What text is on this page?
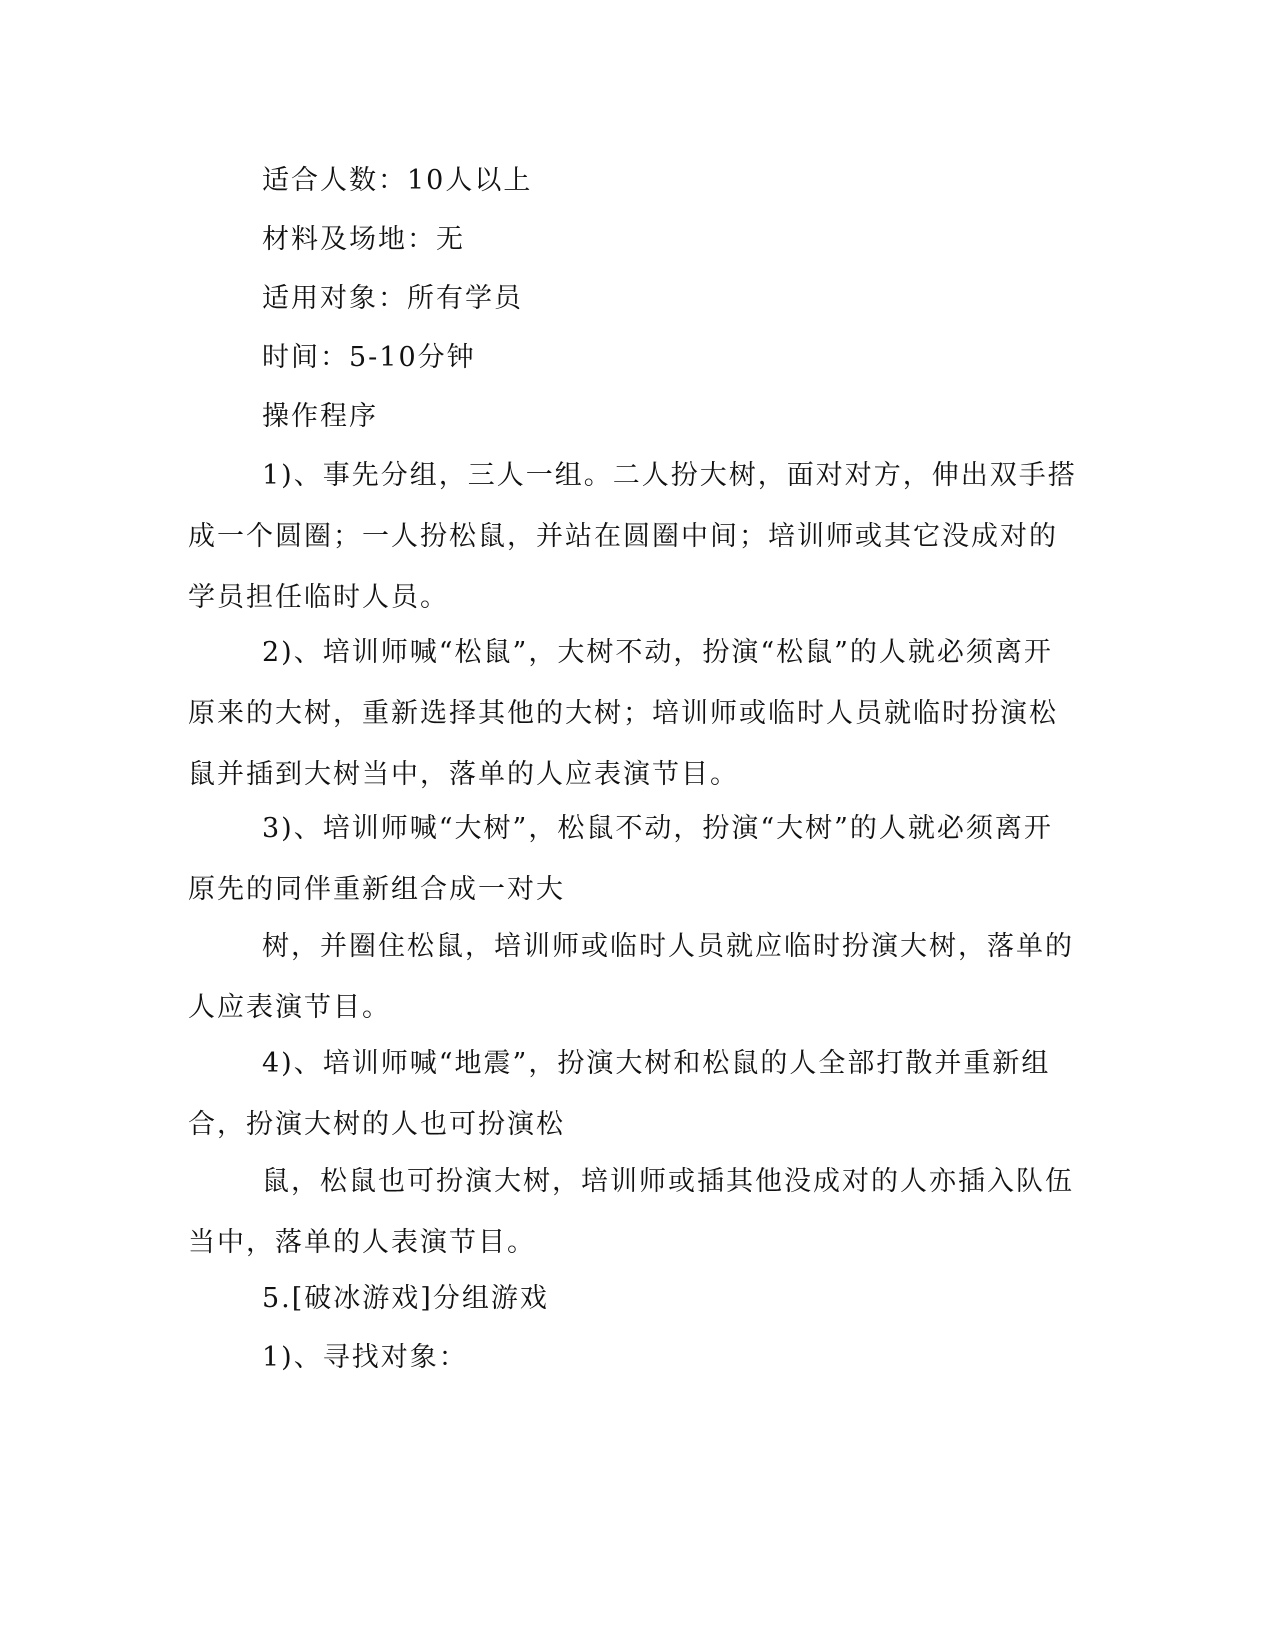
适合人数：10人以上

材料及场地：无

适用对象：所有学员

时间：5-10分钟

操作程序

1)、事先分组，三人一组。二人扮大树，面对对方，伸出双手搭成一个圆圈；一人扮松鼠，并站在圆圈中间；培训师或其它没成对的学员担任临时人员。

2)、培训师喊“松鼠”，大树不动，扮演“松鼠”的人就必须离开原来的大树，重新选择其他的大树；培训师或临时人员就临时扮演松鼠并插到大树当中，落单的人应表演节目。

3)、培训师喊“大树”，松鼠不动，扮演“大树”的人就必须离开原先的同伴重新组合成一对大

树，并圈住松鼠，培训师或临时人员就应临时扮演大树，落单的人应表演节目。

4)、培训师喊“地震”，扮演大树和松鼠的人全部打散并重新组合，扮演大树的人也可扮演松

鼠，松鼠也可扮演大树，培训师或插其他没成对的人亦插入队伍当中，落单的人表演节目。

5.[破冰游戏]分组游戏

1)、寻找对象：
